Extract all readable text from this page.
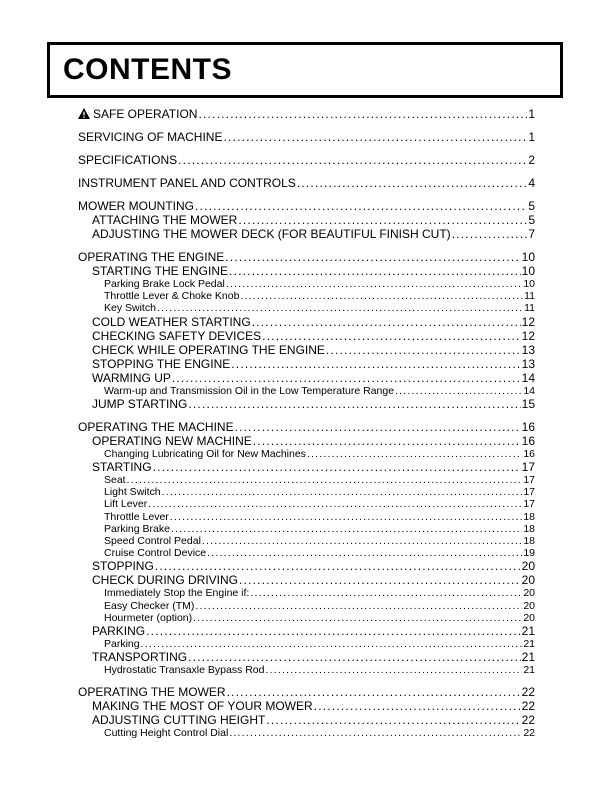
CONTENTS
SAFE OPERATION .....	1
SERVICING OF MACHINE .....	1
SPECIFICATIONS .....	2
INSTRUMENT PANEL AND CONTROLS .....	4
MOWER MOUNTING .....	5
ATTACHING THE MOWER .....	5
ADJUSTING THE MOWER DECK (FOR BEAUTIFUL FINISH CUT) .....	7
OPERATING THE ENGINE .....	10
STARTING THE ENGINE .....	10
Parking Brake Lock Pedal .....	10
Throttle Lever & Choke Knob .....	11
Key Switch .....	11
COLD WEATHER STARTING .....	12
CHECKING SAFETY DEVICES .....	12
CHECK WHILE OPERATING THE ENGINE .....	13
STOPPING THE ENGINE .....	13
WARMING UP .....	14
Warm-up and Transmission Oil in the Low Temperature Range .....	14
JUMP STARTING .....	15
OPERATING THE MACHINE .....	16
OPERATING NEW MACHINE .....	16
Changing Lubricating Oil for New Machines .....	16
STARTING .....	17
Seat .....	17
Light Switch .....	17
Lift Lever .....	17
Throttle Lever .....	18
Parking Brake .....	18
Speed Control Pedal .....	18
Cruise Control Device .....	19
STOPPING .....	20
CHECK DURING DRIVING .....	20
Immediately Stop the Engine if: .....	20
Easy Checker (TM) .....	20
Hourmeter (option) .....	20
PARKING .....	21
Parking .....	21
TRANSPORTING .....	21
Hydrostatic Transaxle Bypass Rod .....	21
OPERATING THE MOWER .....	22
MAKING THE MOST OF YOUR MOWER .....	22
ADJUSTING CUTTING HEIGHT .....	22
Cutting Height Control Dial .....	22
